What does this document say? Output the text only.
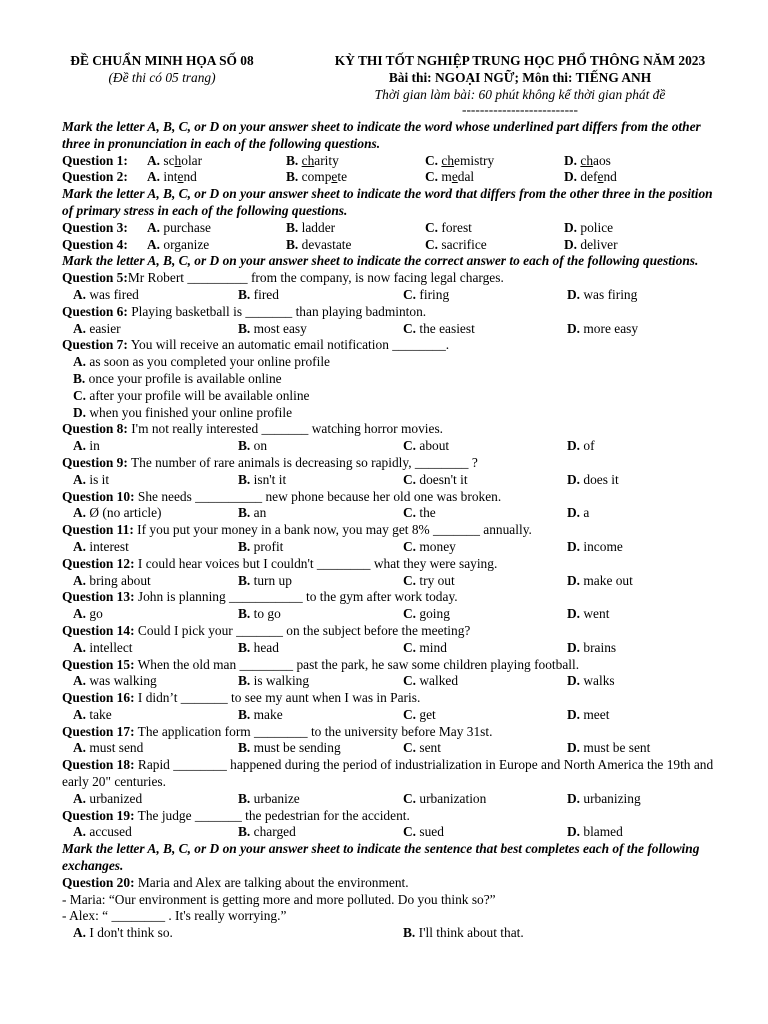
ĐỀ CHUẨN MINH HỌA SỐ 08
(Đề thi có 05 trang)
KỲ THI TỐT NGHIỆP TRUNG HỌC PHỔ THÔNG NĂM 2023
Bài thi: NGOẠI NGỮ; Môn thi: TIẾNG ANH
Thời gian làm bài: 60 phút không kể thời gian phát đề
--------------------------
Mark the letter A, B, C, or D on your answer sheet to indicate the word whose underlined part differs from the other three in pronunciation in each of the following questions.
Question 1:	A. scholar	B. charity	C. chemistry	D. chaos
Question 2:	A. intend	B. compete	C. medal	D. defend
Mark the letter A, B, C, or D on your answer sheet to indicate the word that differs from the other three in the position of primary stress in each of the following questions.
Question 3:	A. purchase	B. ladder	C. forest	D. police
Question 4:	A. organize	B. devastate	C. sacrifice	D. deliver
Mark the letter A, B, C, or D on your answer sheet to indicate the correct answer to each of the following questions.
Question 5:Mr Robert _________ from the company, is now facing legal charges.
A. was fired	B. fired	C. firing	D. was firing
Question 6: Playing basketball is _______ than playing badminton.
A. easier	B. most easy	C. the easiest	D. more easy
Question 7: You will receive an automatic email notification ________.
A. as soon as you completed your online profile
B. once your profile is available online
C. after your profile will be available online
D. when you finished your online profile
Question 8: I'm not really interested _______ watching horror movies.
A. in	B. on	C. about	D. of
Question 9: The number of rare animals is decreasing so rapidly, ________ ?
A. is it	B. isn't it	C. doesn't it	D. does it
Question 10: She needs __________ new phone because her old one was broken.
A. Ø (no article)	B. an	C. the	D. a
Question 11: If you put your money in a bank now, you may get 8% _______ annually.
A. interest	B. profit	C. money	D. income
Question 12: I could hear voices but I couldn't ________ what they were saying.
A. bring about	B. turn up	C. try out	D. make out
Question 13: John is planning ___________ to the gym after work today.
A. go	B. to go	C. going	D. went
Question 14: Could I pick your _______ on the subject before the meeting?
A. intellect	B. head	C. mind	D. brains
Question 15: When the old man ________ past the park, he saw some children playing football.
A. was walking	B. is walking	C. walked	D. walks
Question 16: I didn’t _______ to see my aunt when I was in Paris.
A. take	B. make	C. get	D. meet
Question 17: The application form ________ to the university before May 31st.
A. must send	B. must be sending	C. sent	D. must be sent
Question 18: Rapid ________ happened during the period of industrialization in Europe and North America the 19th and early 20" centuries.
A. urbanized	B. urbanize	C. urbanization	D. urbanizing
Question 19: The judge _______ the pedestrian for the accident.
A. accused	B. charged	C. sued	D. blamed
Mark the letter A, B, C, or D on your answer sheet to indicate the sentence that best completes each of the following exchanges.
Question 20: Maria and Alex are talking about the environment.
- Maria: “Our environment is getting more and more polluted. Do you think so?”
- Alex: “ ________ . It's really worrying.”
A. I don't think so.	B. I'll think about that.
